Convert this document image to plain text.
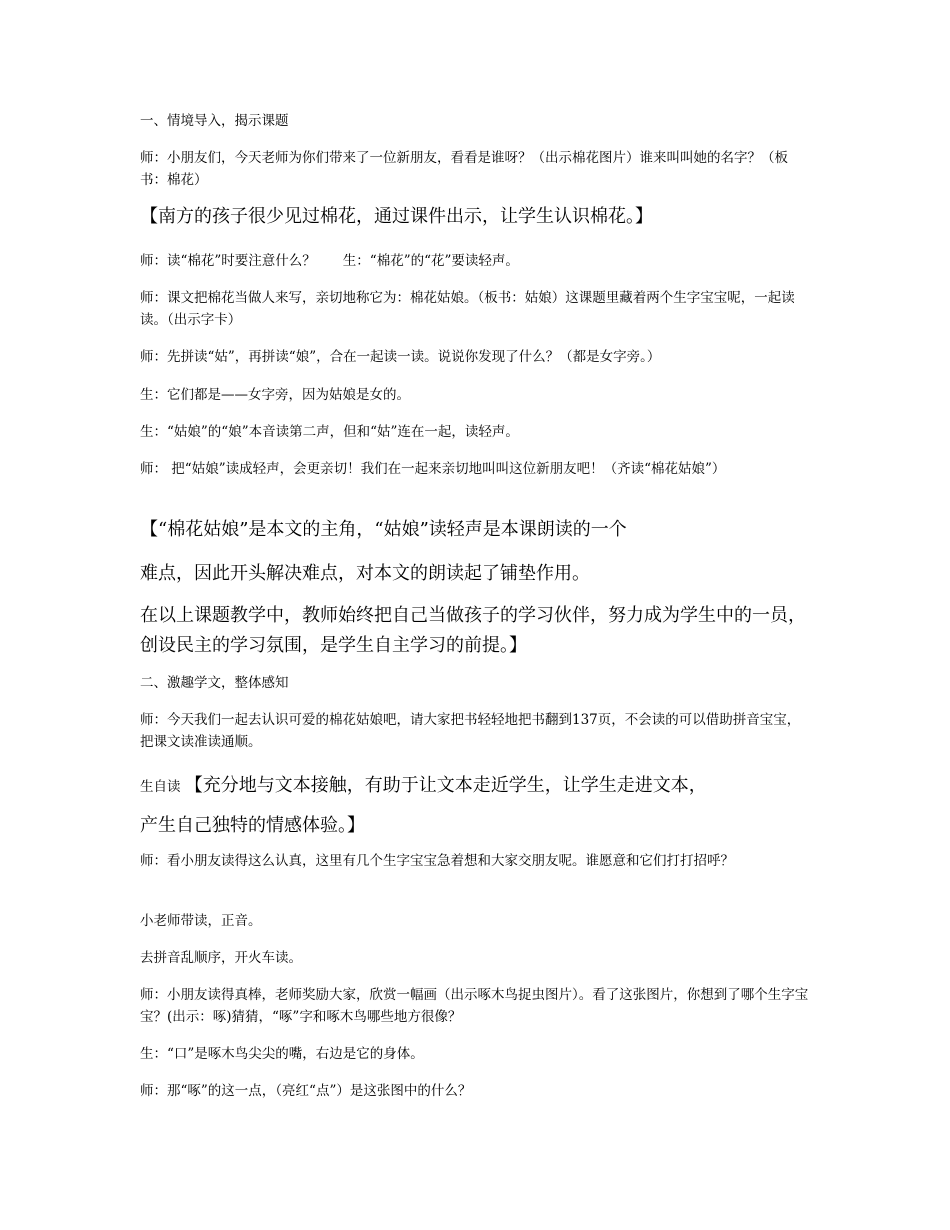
一、情境导入，揭示课题

师：小朋友们，今天老师为你们带来了一位新朋友，看看是谁呀？（出示棉花图片）谁来叫叫她的名字？（板书：棉花）

【南方的孩子很少见过棉花，通过课件出示，让学生认识棉花。】

师：读“棉花”时要注意什么？　　生：“棉花”的“花”要读轻声。

师：课文把棉花当做人来写，亲切地称它为：棉花姑娘。（板书：姑娘）这课题里藏着两个生字宝宝呢，一起读读。（出示字卡）

师：先拼读“姑”，再拼读“娘”，合在一起读一读。说说你发现了什么？（都是女字旁。）

生：它们都是——女字旁，因为姑娘是女的。

生：“姑娘”的“娘”本音读第二声，但和“姑”连在一起，读轻声。

师： 把“姑娘”读成轻声，会更亲切！我们在一起来亲切地叫叫这位新朋友吧！（齐读“棉花姑娘”）

【“棉花姑娘”是本文的主角，“姑娘”读轻声是本课朗读的一个

难点，因此开头解决难点，对本文的朗读起了铺垫作用。

在以上课题教学中，教师始终把自己当做孩子的学习伙伴，努力成为学生中的一员，创设民主的学习氛围，是学生自主学习的前提。】

二、激趣学文，整体感知

师：今天我们一起去认识可爱的棉花姑娘吧，请大家把书轻轻地把书翻到137页，不会读的可以借助拼音宝宝，把课文读准读通顺。

生自读 【充分地与文本接触，有助于让文本走近学生，让学生走进文本，

产生自己独特的情感体验。】

师：看小朋友读得这么认真，这里有几个生字宝宝急着想和大家交朋友呢。谁愿意和它们打打招呼？

小老师带读，正音。

去拼音乱顺序，开火车读。

师：小朋友读得真棒，老师奖励大家，欣赏一幅画（出示啄木鸟捉虫图片）。看了这张图片，你想到了哪个生字宝宝？(出示：啄)猜猜，“啄”字和啄木鸟哪些地方很像？

生：“口”是啄木鸟尖尖的嘴，右边是它的身体。

师：那“啄”的这一点，（亮红“点”）是这张图中的什么？
